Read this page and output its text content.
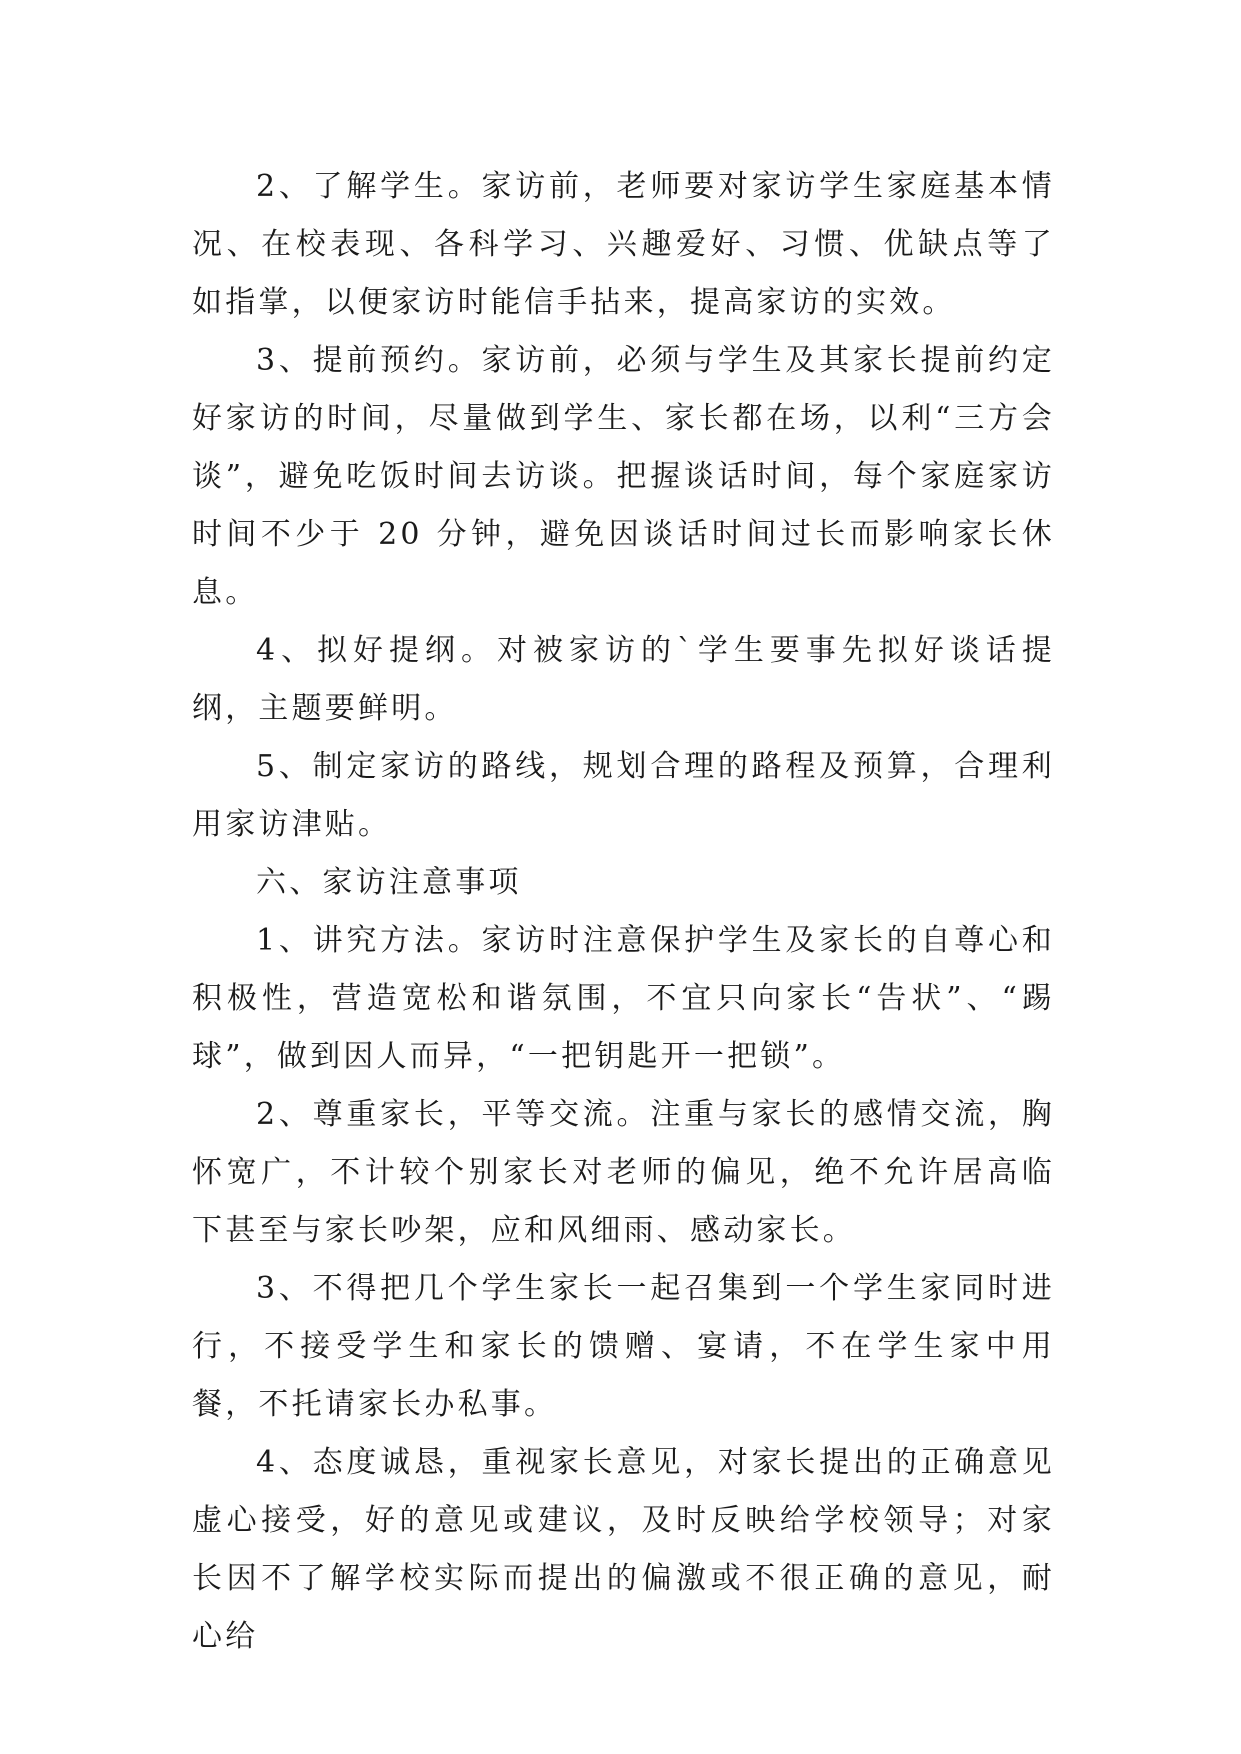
2、了解学生。家访前，老师要对家访学生家庭基本情况、在校表现、各科学习、兴趣爱好、习惯、优缺点等了如指掌，以便家访时能信手拈来，提高家访的实效。

3、提前预约。家访前，必须与学生及其家长提前约定好家访的时间，尽量做到学生、家长都在场，以利“三方会谈”，避免吃饭时间去访谈。把握谈话时间，每个家庭家访时间不少于 20 分钟，避免因谈话时间过长而影响家长休息。

4、拟好提纲。对被家访的`学生要事先拟好谈话提纲，主题要鲜明。

5、制定家访的路线，规划合理的路程及预算，合理利用家访津贴。

六、家访注意事项

1、讲究方法。家访时注意保护学生及家长的自尊心和积极性，营造宽松和谐氛围，不宜只向家长“告状”、“踢球”，做到因人而异，“一把钥匙开一把锁”。

2、尊重家长，平等交流。注重与家长的感情交流，胸怀宽广，不计较个别家长对老师的偏见，绝不允许居高临下甚至与家长吵架，应和风细雨、感动家长。

3、不得把几个学生家长一起召集到一个学生家同时进行，不接受学生和家长的馈赠、宴请，不在学生家中用餐，不托请家长办私事。

4、态度诚恳，重视家长意见，对家长提出的正确意见虚心接受，好的意见或建议，及时反映给学校领导；对家长因不了解学校实际而提出的偏激或不很正确的意见，耐心给
